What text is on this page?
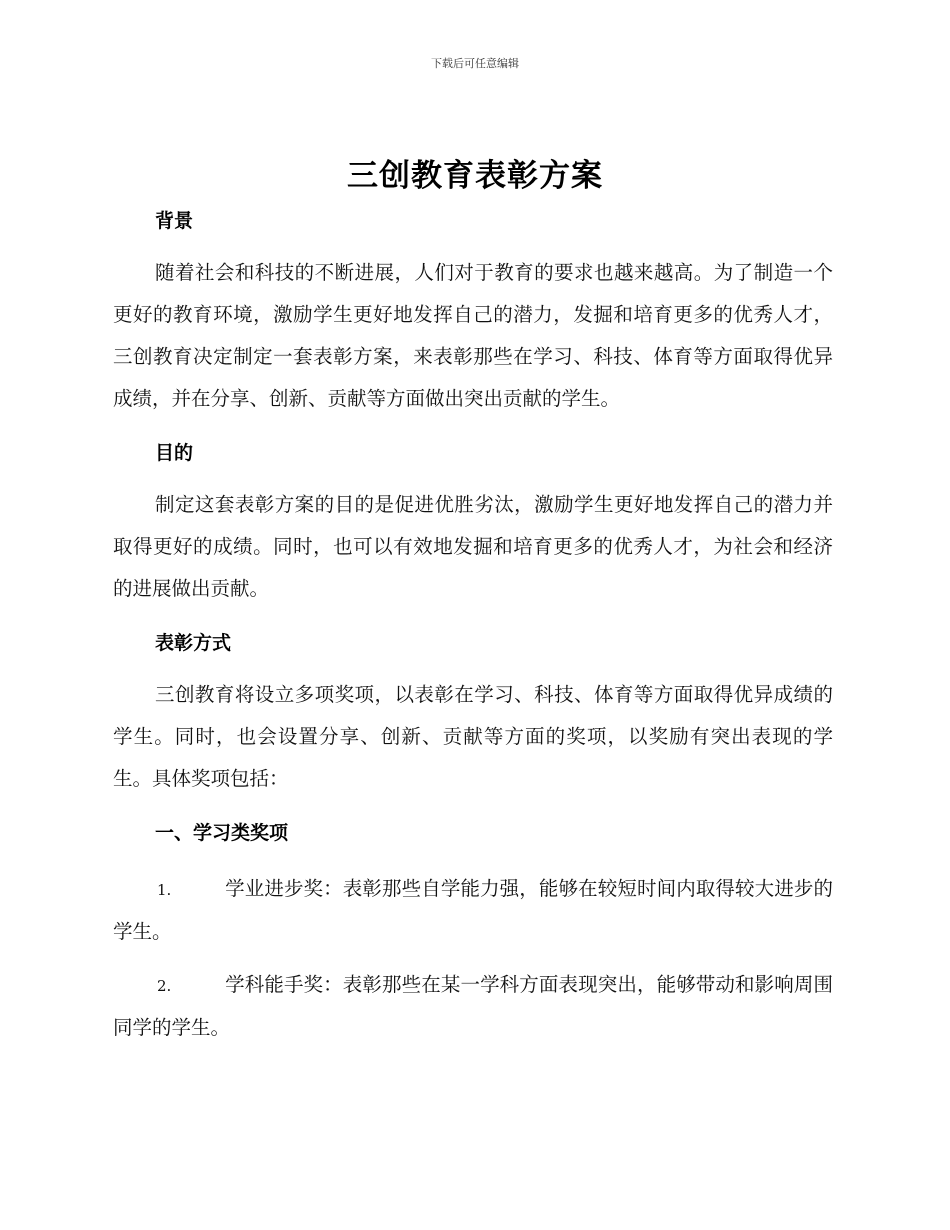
下载后可任意编辑
三创教育表彰方案
背景
随着社会和科技的不断进展，人们对于教育的要求也越来越高。为了制造一个更好的教育环境，激励学生更好地发挥自己的潜力，发掘和培育更多的优秀人才，三创教育决定制定一套表彰方案，来表彰那些在学习、科技、体育等方面取得优异成绩，并在分享、创新、贡献等方面做出突出贡献的学生。
目的
制定这套表彰方案的目的是促进优胜劣汰，激励学生更好地发挥自己的潜力并取得更好的成绩。同时，也可以有效地发掘和培育更多的优秀人才，为社会和经济的进展做出贡献。
表彰方式
三创教育将设立多项奖项，以表彰在学习、科技、体育等方面取得优异成绩的学生。同时，也会设置分享、创新、贡献等方面的奖项，以奖励有突出表现的学生。具体奖项包括：
一、学习类奖项
1.	学业进步奖：表彰那些自学能力强，能够在较短时间内取得较大进步的学生。
2.	学科能手奖：表彰那些在某一学科方面表现突出，能够带动和影响周围同学的学生。
